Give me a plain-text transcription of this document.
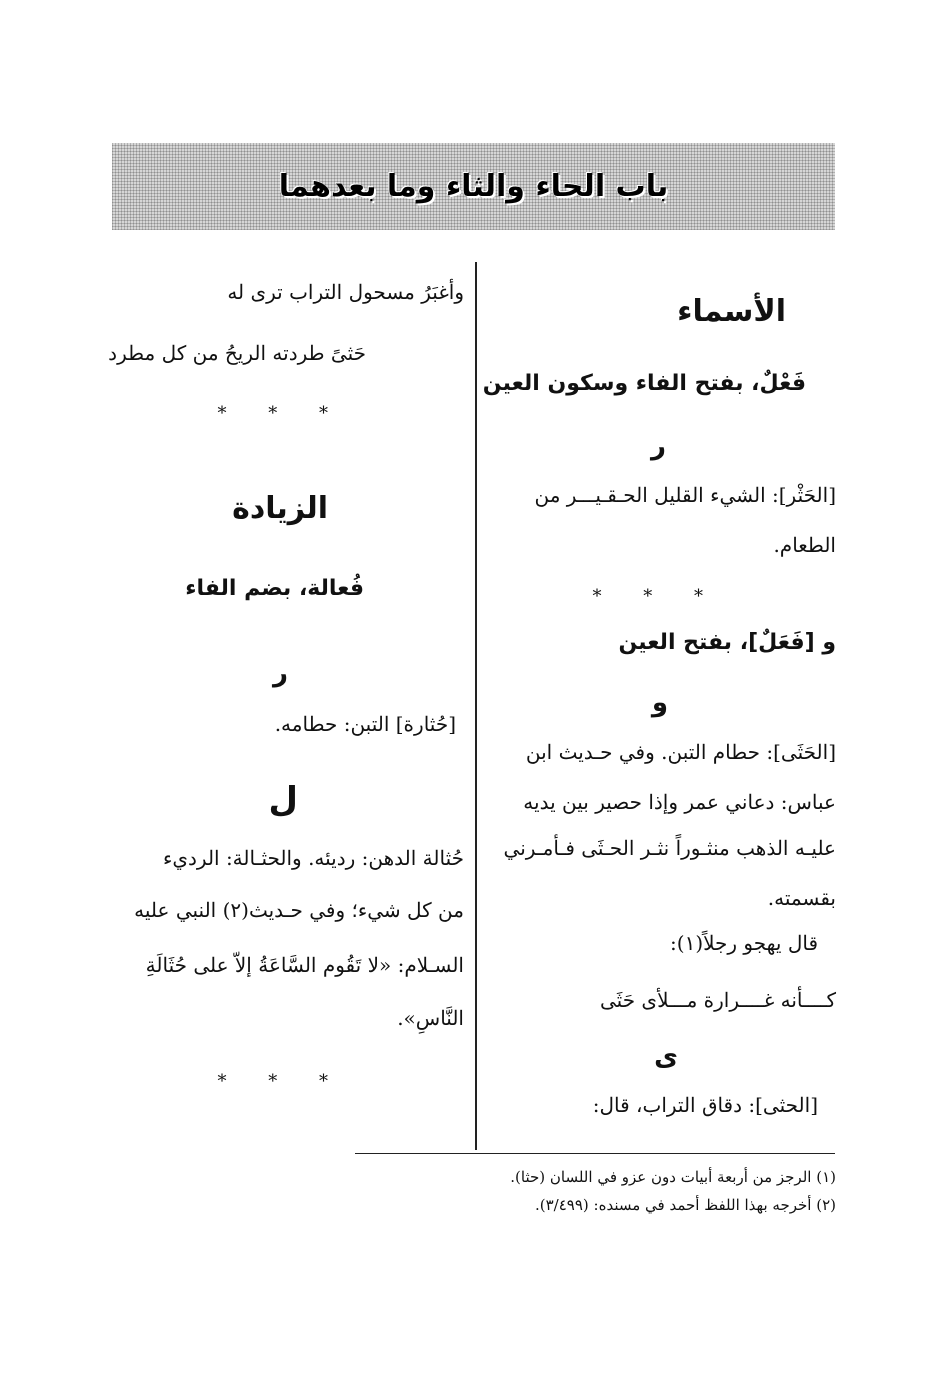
باب الحاء والثاء وما بعدهما
الأسماء
فَعْلٌ، بفتح الفاء وسكون العين
ر
[الحَثْر]: الشيء القليل الحـقـيـــر من
الطعام.
* * *
و [فَعَلٌ]، بفتح العين
و
[الحَثَى]: حطام التبن. وفي حـديث ابن
عباس: دعاني عمر وإذا حصير بين يديه
عليـه الذهب منثـوراً نثـر الحـثَى فـأمـرني
بقسمته.
قال يهجو رجلاً(١):
كــــأنه غــــرارة مـــلأى حَثَى
ى
[الحثى]: دقاق التراب، قال:
وأغبَرُ مسحول التراب ترى له
حَثىً طردته الريحُ من كل مطرد
* * *
الزيادة
فُعالة، بضم الفاء
ر
[حُثارة] التبن: حطامه.
ل
حُثالة الدهن: رديئه. والحثـالة: الرديء
من كل شيء؛ وفي حـديث(٢) النبي عليه
السـلام: «لا تَقُوم السَّاعَةُ إلاّ على حُثَالَةِ
النَّاسِ».
* * *
(١) الرجز من أربعة أبيات دون عزو في اللسان (حثا).
(٢) أخرجه بهذا اللفظ أحمد في مسنده: (٣/٤٩٩).
